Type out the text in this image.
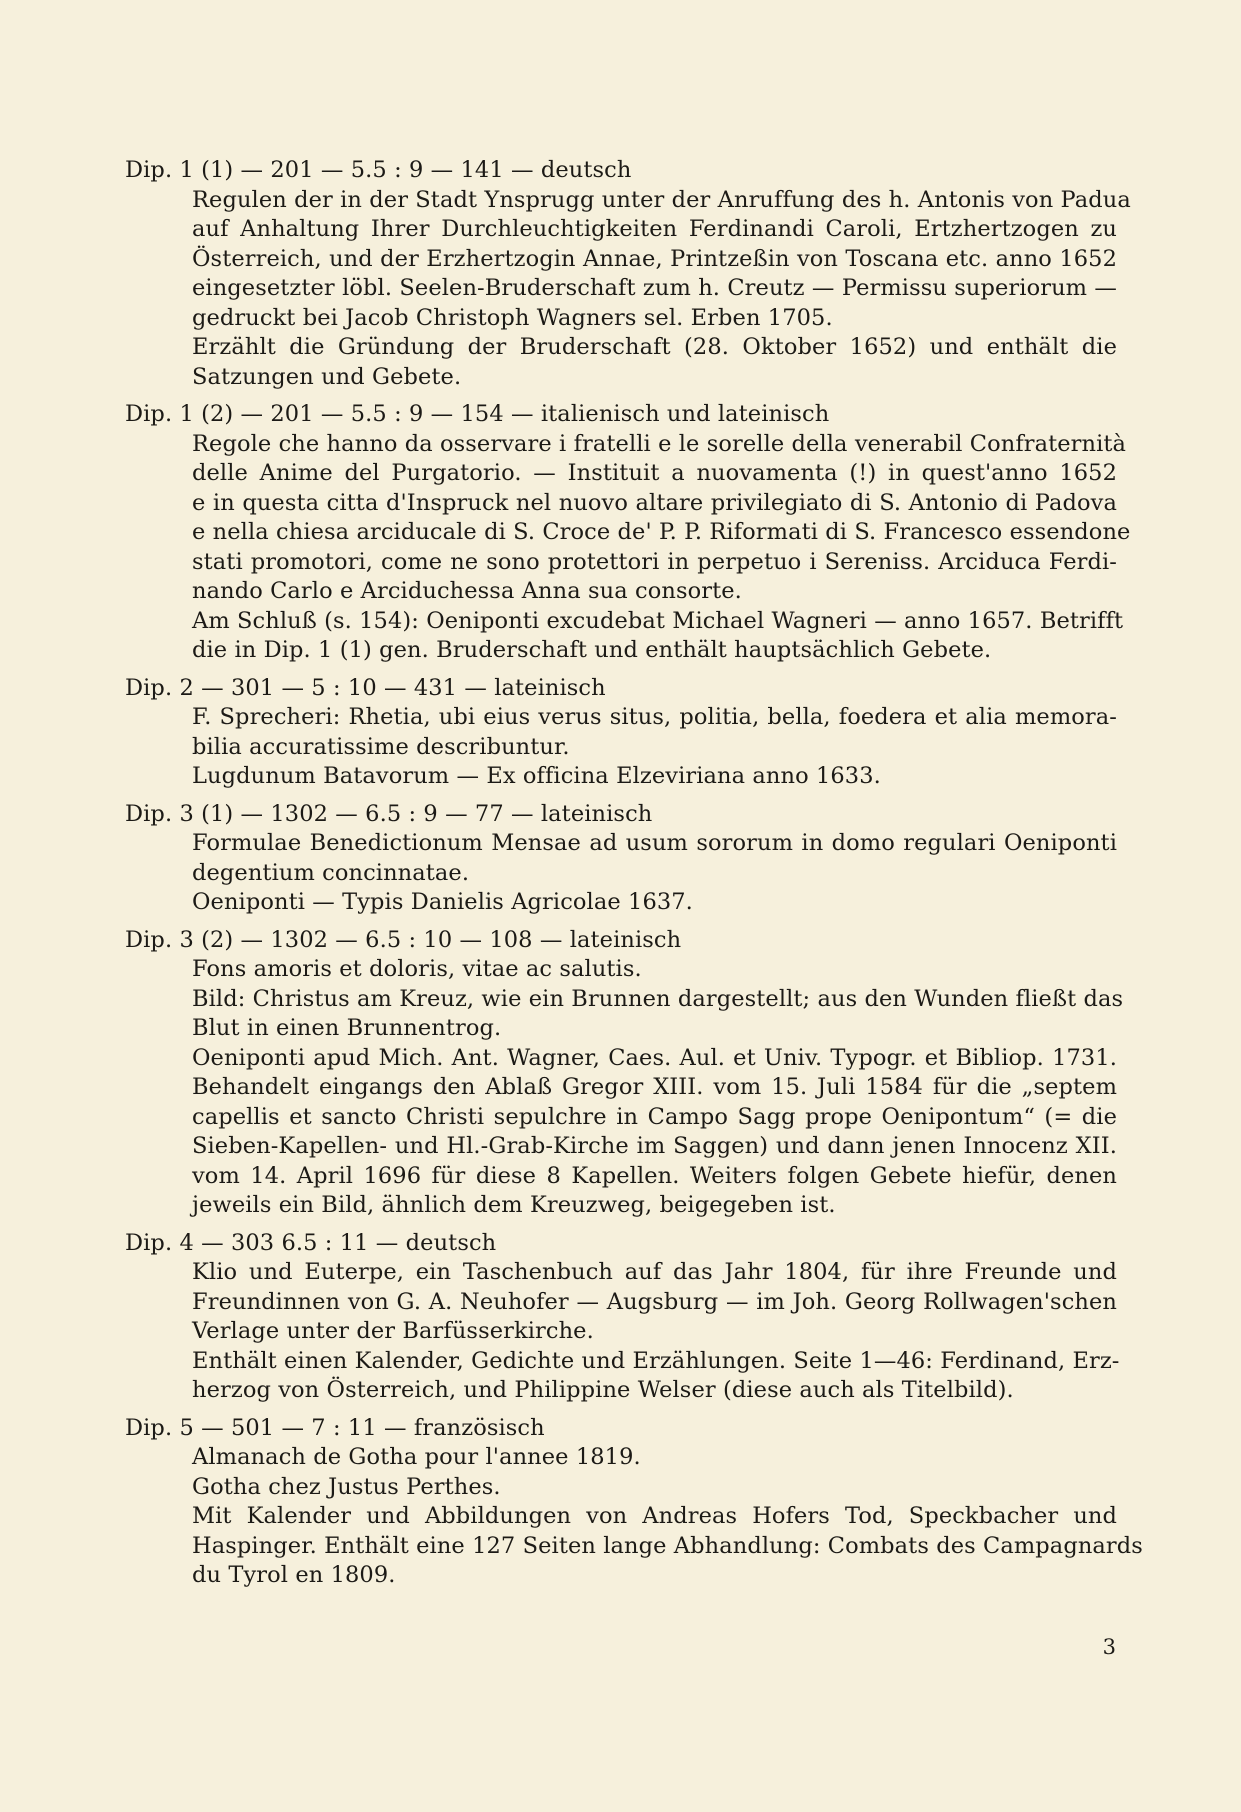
Dip. 1 (1) — 201 — 5.5 : 9 — 141 — deutsch
Regulen der in der Stadt Ynsprugg unter der Anruffung des h. Antonis von Padua
auf Anhaltung Ihrer Durchleuchtigkeiten Ferdinandi Caroli, Ertzhertzogen zu
Österreich, und der Erzhertzogin Annae, Printzeßin von Toscana etc. anno 1652
eingesetzter löbl. Seelen-Bruderschaft zum h. Creutz — Permissu superiorum —
gedruckt bei Jacob Christoph Wagners sel. Erben 1705.
Erzählt die Gründung der Bruderschaft (28. Oktober 1652) und enthält die
Satzungen und Gebete.
Dip. 1 (2) — 201 — 5.5 : 9 — 154 — italienisch und lateinisch
Regole che hanno da osservare i fratelli e le sorelle della venerabil Confraternità
delle Anime del Purgatorio. — Instituit a nuovamenta (!) in quest'anno 1652
e in questa citta d'Inspruck nel nuovo altare privilegiato di S. Antonio di Padova
e nella chiesa arciducale di S. Croce de' P. P. Riformati di S. Francesco essendone
stati promotori, come ne sono protettori in perpetuo i Sereniss. Arciduca Ferdi-
nando Carlo e Arciduchessa Anna sua consorte.
Am Schluß (s. 154): Oeniponti excudebat Michael Wagneri — anno 1657. Betrifft
die in Dip. 1 (1) gen. Bruderschaft und enthält hauptsächlich Gebete.
Dip. 2 — 301 — 5 : 10 — 431 — lateinisch
F. Sprecheri: Rhetia, ubi eius verus situs, politia, bella, foedera et alia memora-
bilia accuratissime describuntur.
Lugdunum Batavorum — Ex officina Elzeviriana anno 1633.
Dip. 3 (1) — 1302 — 6.5 : 9 — 77 — lateinisch
Formulae Benedictionum Mensae ad usum sororum in domo regulari Oeniponti
degentium concinnatae.
Oeniponti — Typis Danielis Agricolae 1637.
Dip. 3 (2) — 1302 — 6.5 : 10 — 108 — lateinisch
Fons amoris et doloris, vitae ac salutis.
Bild: Christus am Kreuz, wie ein Brunnen dargestellt; aus den Wunden fließt das
Blut in einen Brunnentrog.
Oeniponti apud Mich. Ant. Wagner, Caes. Aul. et Univ. Typogr. et Bibliop. 1731.
Behandelt eingangs den Ablaß Gregor XIII. vom 15. Juli 1584 für die „septem
capellis et sancto Christi sepulchre in Campo Sagg prope Oenipontum“ (= die
Sieben-Kapellen- und Hl.-Grab-Kirche im Saggen) und dann jenen Innocenz XII.
vom 14. April 1696 für diese 8 Kapellen. Weiters folgen Gebete hiefür, denen
jeweils ein Bild, ähnlich dem Kreuzweg, beigegeben ist.
Dip. 4 — 303 6.5 : 11 — deutsch
Klio und Euterpe, ein Taschenbuch auf das Jahr 1804, für ihre Freunde und
Freundinnen von G. A. Neuhofer — Augsburg — im Joh. Georg Rollwagen'schen
Verlage unter der Barfüsserkirche.
Enthält einen Kalender, Gedichte und Erzählungen. Seite 1—46: Ferdinand, Erz-
herzog von Österreich, und Philippine Welser (diese auch als Titelbild).
Dip. 5 — 501 — 7 : 11 — französisch
Almanach de Gotha pour l'annee 1819.
Gotha chez Justus Perthes.
Mit Kalender und Abbildungen von Andreas Hofers Tod, Speckbacher und
Haspinger. Enthält eine 127 Seiten lange Abhandlung: Combats des Campagnards
du Tyrol en 1809.
3
